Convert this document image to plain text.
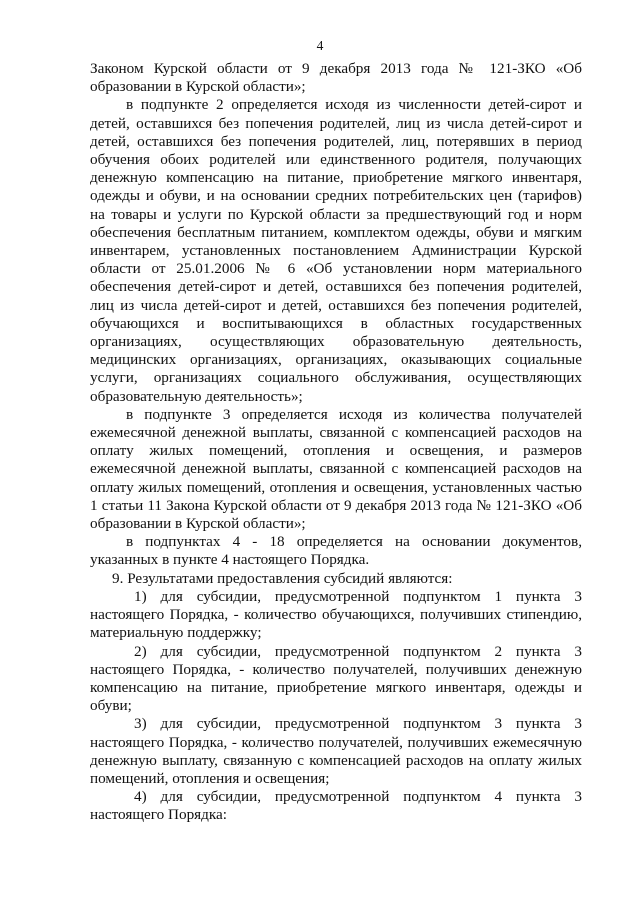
4

Законом Курской области от 9 декабря 2013 года № 121-ЗКО «Об образовании в Курской области»;

в подпункте 2 определяется исходя из численности детей-сирот и детей, оставшихся без попечения родителей, лиц из числа детей-сирот и детей, оставшихся без попечения родителей, лиц, потерявших в период обучения обоих родителей или единственного родителя, получающих денежную компенсацию на питание, приобретение мягкого инвентаря, одежды и обуви, и на основании средних потребительских цен (тарифов) на товары и услуги по Курской области за предшествующий год и норм обеспечения бесплатным питанием, комплектом одежды, обуви и мягким инвентарем, установленных постановлением Администрации Курской области от 25.01.2006 № 6 «Об установлении норм материального обеспечения детей-сирот и детей, оставшихся без попечения родителей, лиц из числа детей-сирот и детей, оставшихся без попечения родителей, обучающихся и воспитывающихся в областных государственных организациях, осуществляющих образовательную деятельность, медицинских организациях, организациях, оказывающих социальные услуги, организациях социального обслуживания, осуществляющих образовательную деятельность»;

в подпункте 3 определяется исходя из количества получателей ежемесячной денежной выплаты, связанной с компенсацией расходов на оплату жилых помещений, отопления и освещения, и размеров ежемесячной денежной выплаты, связанной с компенсацией расходов на оплату жилых помещений, отопления и освещения, установленных частью 1 статьи 11 Закона Курской области от 9 декабря 2013 года № 121-ЗКО «Об образовании в Курской области»;

в подпунктах 4 - 18 определяется на основании документов, указанных в пункте 4 настоящего Порядка.

9. Результатами предоставления субсидий являются:

1) для субсидии, предусмотренной подпунктом 1 пункта 3 настоящего Порядка, - количество обучающихся, получивших стипендию, материальную поддержку;

2) для субсидии, предусмотренной подпунктом 2 пункта 3 настоящего Порядка, - количество получателей, получивших денежную компенсацию на питание, приобретение мягкого инвентаря, одежды и обуви;

3) для субсидии, предусмотренной подпунктом 3 пункта 3 настоящего Порядка, - количество получателей, получивших ежемесячную денежную выплату, связанную с компенсацией расходов на оплату жилых помещений, отопления и освещения;

4) для субсидии, предусмотренной подпунктом 4 пункта 3 настоящего Порядка:
